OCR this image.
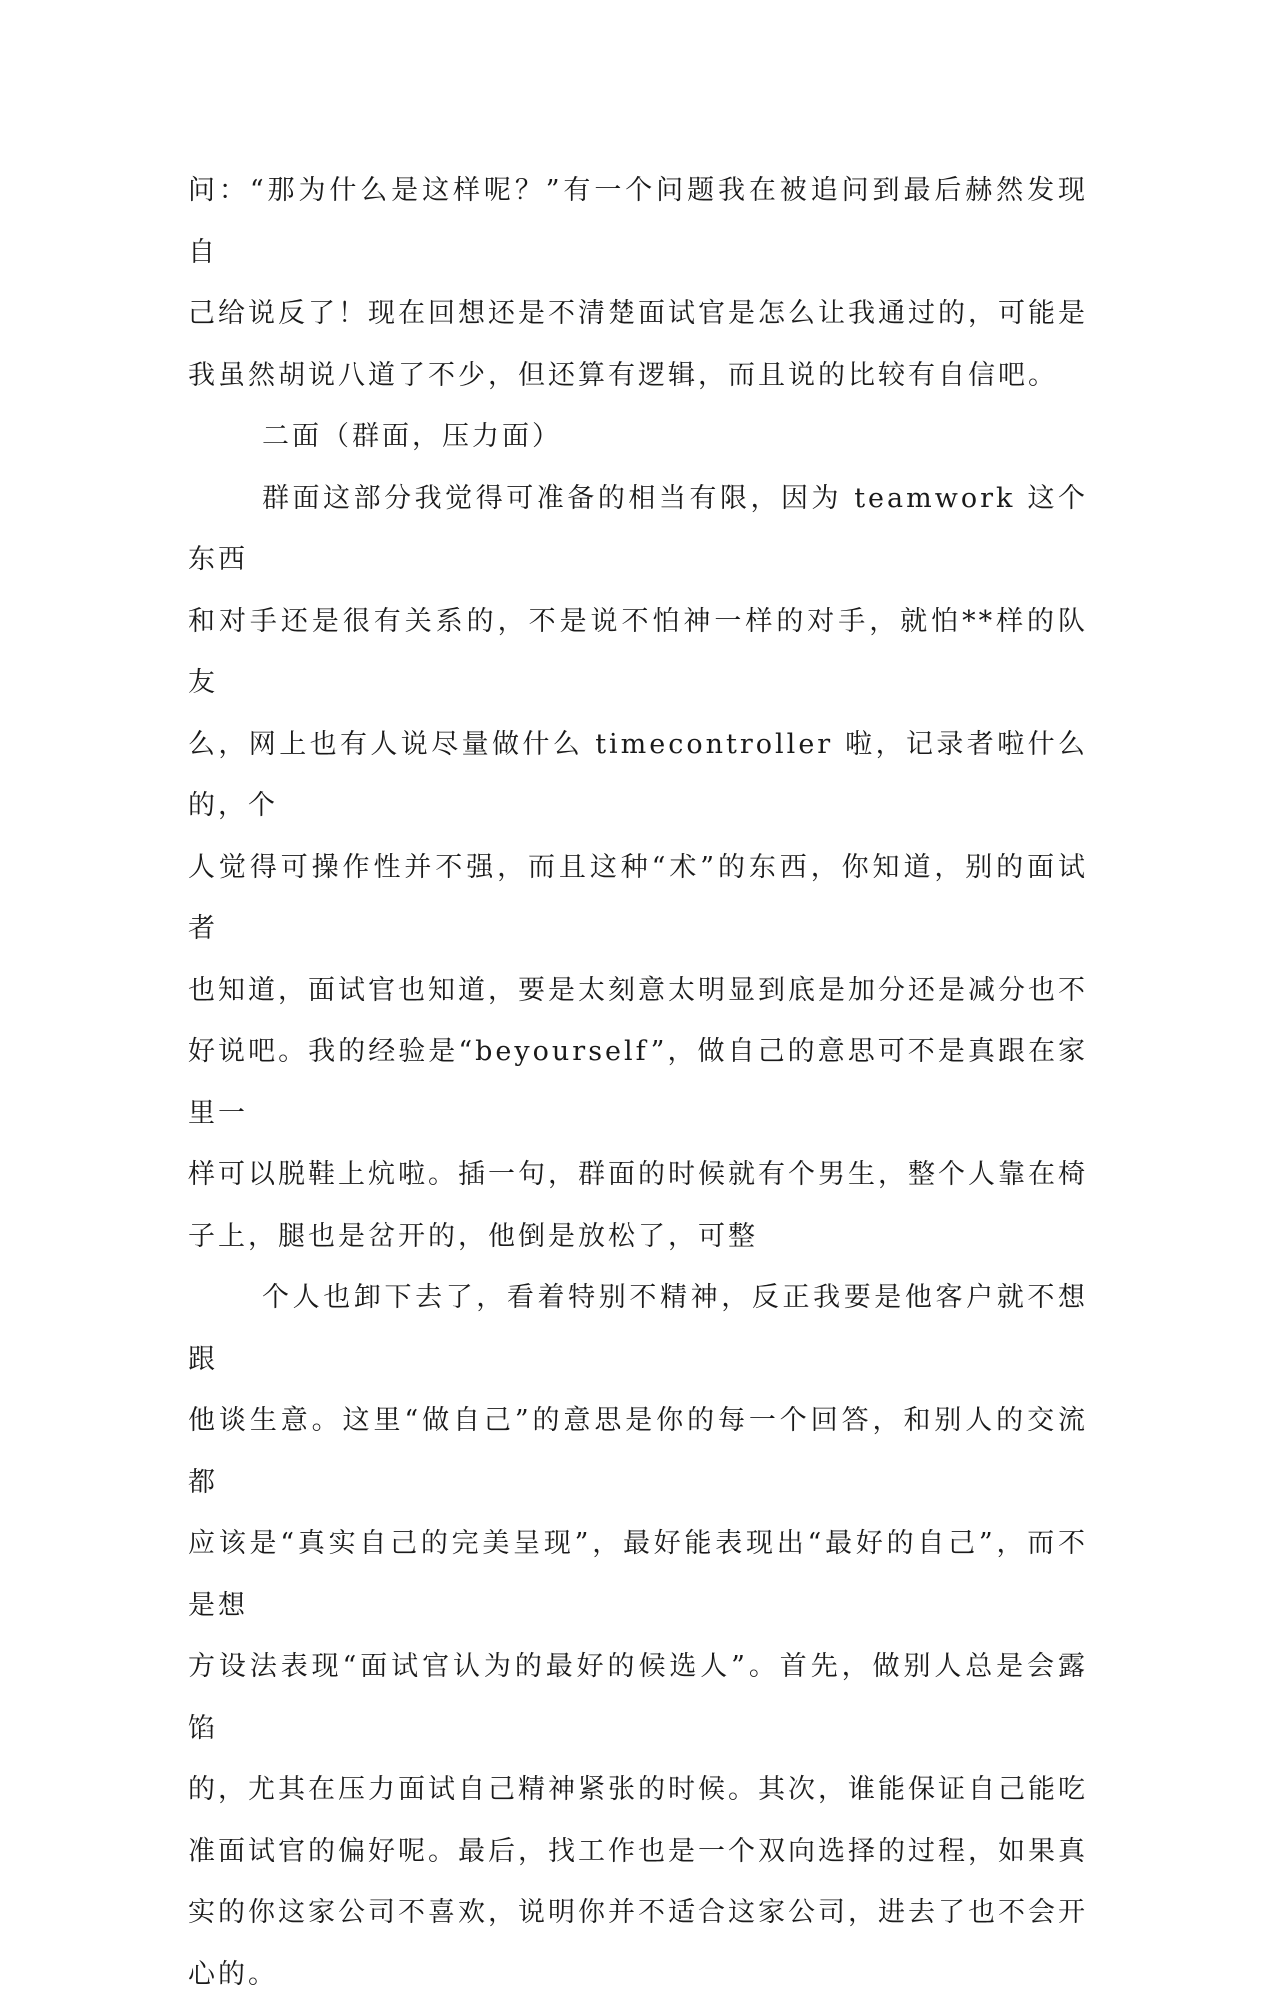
问：“那为什么是这样呢？”有一个问题我在被追问到最后赫然发现自
己给说反了！现在回想还是不清楚面试官是怎么让我通过的，可能是
我虽然胡说八道了不少，但还算有逻辑，而且说的比较有自信吧。
二面（群面，压力面）
群面这部分我觉得可准备的相当有限，因为 teamwork 这个东西
和对手还是很有关系的，不是说不怕神一样的对手，就怕**样的队友
么，网上也有人说尽量做什么 timecontroller 啦，记录者啦什么的，个
人觉得可操作性并不强，而且这种“术”的东西，你知道，别的面试者
也知道，面试官也知道，要是太刻意太明显到底是加分还是减分也不
好说吧。我的经验是“beyourself”，做自己的意思可不是真跟在家里一
样可以脱鞋上炕啦。插一句，群面的时候就有个男生，整个人靠在椅
子上，腿也是岔开的，他倒是放松了，可整
个人也卸下去了，看着特别不精神，反正我要是他客户就不想跟
他谈生意。这里“做自己”的意思是你的每一个回答，和别人的交流都
应该是“真实自己的完美呈现”，最好能表现出“最好的自己”，而不是想
方设法表现“面试官认为的最好的候选人”。首先，做别人总是会露馅
的，尤其在压力面试自己精神紧张的时候。其次，谁能保证自己能吃
准面试官的偏好呢。最后，找工作也是一个双向选择的过程，如果真
实的你这家公司不喜欢，说明你并不适合这家公司，进去了也不会开
心的。
